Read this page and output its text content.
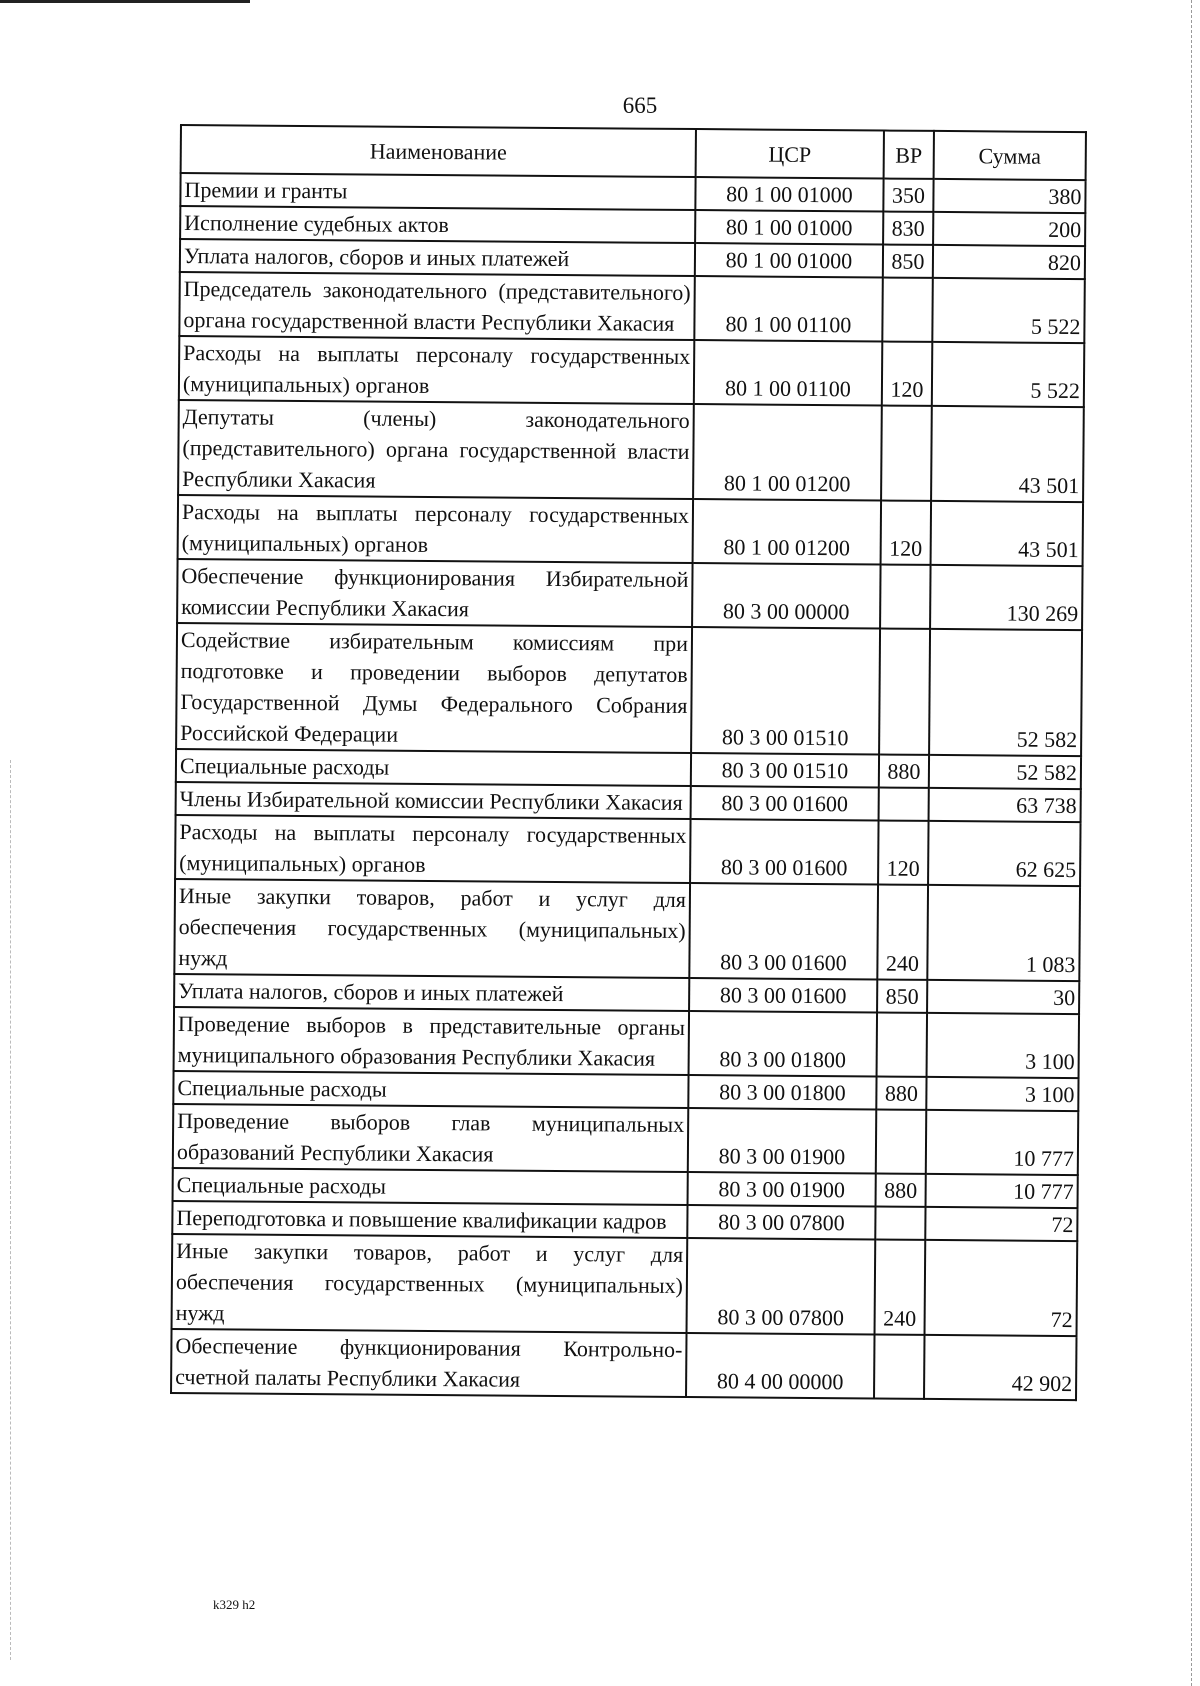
665
Наименование	ЦСР	ВР	Сумма
Премии и гранты	80 1 00 01000	350	380
Исполнение судебных актов	80 1 00 01000	830	200
Уплата налогов, сборов и иных платежей	80 1 00 01000	850	820
Председатель законодательного (представительного) органа государственной власти Республики Хакасия	80 1 00 01100		5 522
Расходы на выплаты персоналу государственных (муниципальных) органов	80 1 00 01100	120	5 522
Депутаты (члены) законодательного (представительного) органа государственной власти Республики Хакасия	80 1 00 01200		43 501
Расходы на выплаты персоналу государственных (муниципальных) органов	80 1 00 01200	120	43 501
Обеспечение функционирования Избирательной комиссии Республики Хакасия	80 3 00 00000		130 269
Содействие избирательным комиссиям при подготовке и проведении выборов депутатов Государственной Думы Федерального Собрания Российской Федерации	80 3 00 01510		52 582
Специальные расходы	80 3 00 01510	880	52 582
Члены Избирательной комиссии Республики Хакасия	80 3 00 01600		63 738
Расходы на выплаты персоналу государственных (муниципальных) органов	80 3 00 01600	120	62 625
Иные закупки товаров, работ и услуг для обеспечения государственных (муниципальных) нужд	80 3 00 01600	240	1 083
Уплата налогов, сборов и иных платежей	80 3 00 01600	850	30
Проведение выборов в представительные органы муниципального образования Республики Хакасия	80 3 00 01800		3 100
Специальные расходы	80 3 00 01800	880	3 100
Проведение выборов глав муниципальных образований Республики Хакасия	80 3 00 01900		10 777
Специальные расходы	80 3 00 01900	880	10 777
Переподготовка и повышение квалификации кадров	80 3 00 07800		72
Иные закупки товаров, работ и услуг для обеспечения государственных (муниципальных) нужд	80 3 00 07800	240	72
Обеспечение функционирования Контрольно-счетной палаты Республики Хакасия	80 4 00 00000		42 902
k329 h2
